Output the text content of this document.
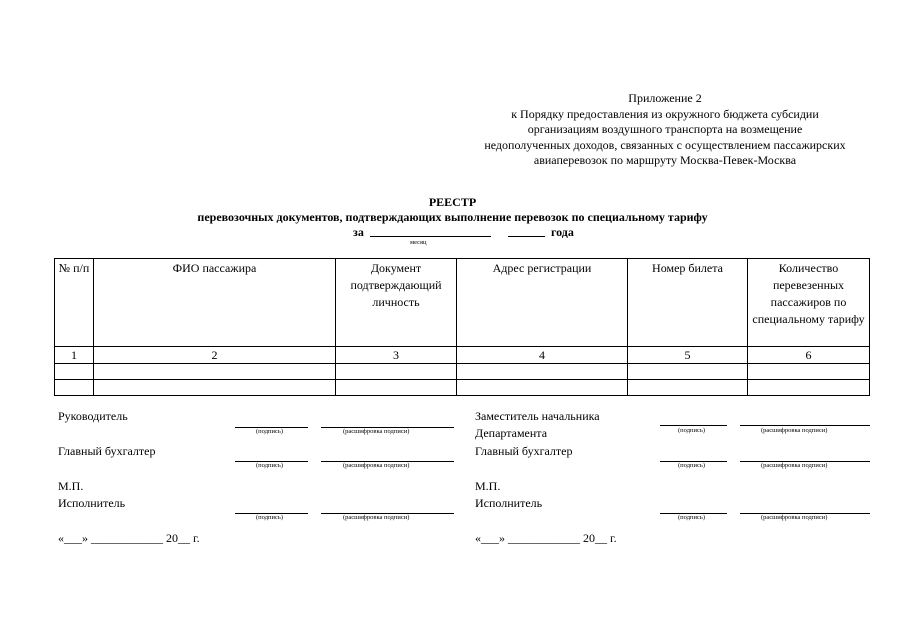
Приложение 2
к Порядку предоставления из окружного бюджета субсидии
организациям воздушного транспорта на возмещение
недополученных доходов, связанных с осуществлением пассажирских
авиаперевозок по маршруту Москва-Певек-Москва
РЕЕСТР
перевозочных документов, подтверждающих выполнение перевозок по специальному тарифу
за	года
месяц
№ п/п	ФИО пассажира	Документ подтверждающий личность	Адрес регистрации	Номер билета	Количество перевезенных пассажиров по специальному тарифу
1	2	3	4	5	6

Руководитель
(подпись)	(расшифровка подписи)
Главный бухгалтер
(подпись)	(расшифровка подписи)
М.П.
Исполнитель
(подпись)	(расшифровка подписи)
«___» ____________ 20__ г.
Заместитель начальника
Департамента	(подпись)	(расшифровка подписи)
Главный бухгалтер
(подпись)	(расшифровка подписи)
М.П.
Исполнитель
(подпись)	(расшифровка подписи)
«___» ____________ 20__ г.
